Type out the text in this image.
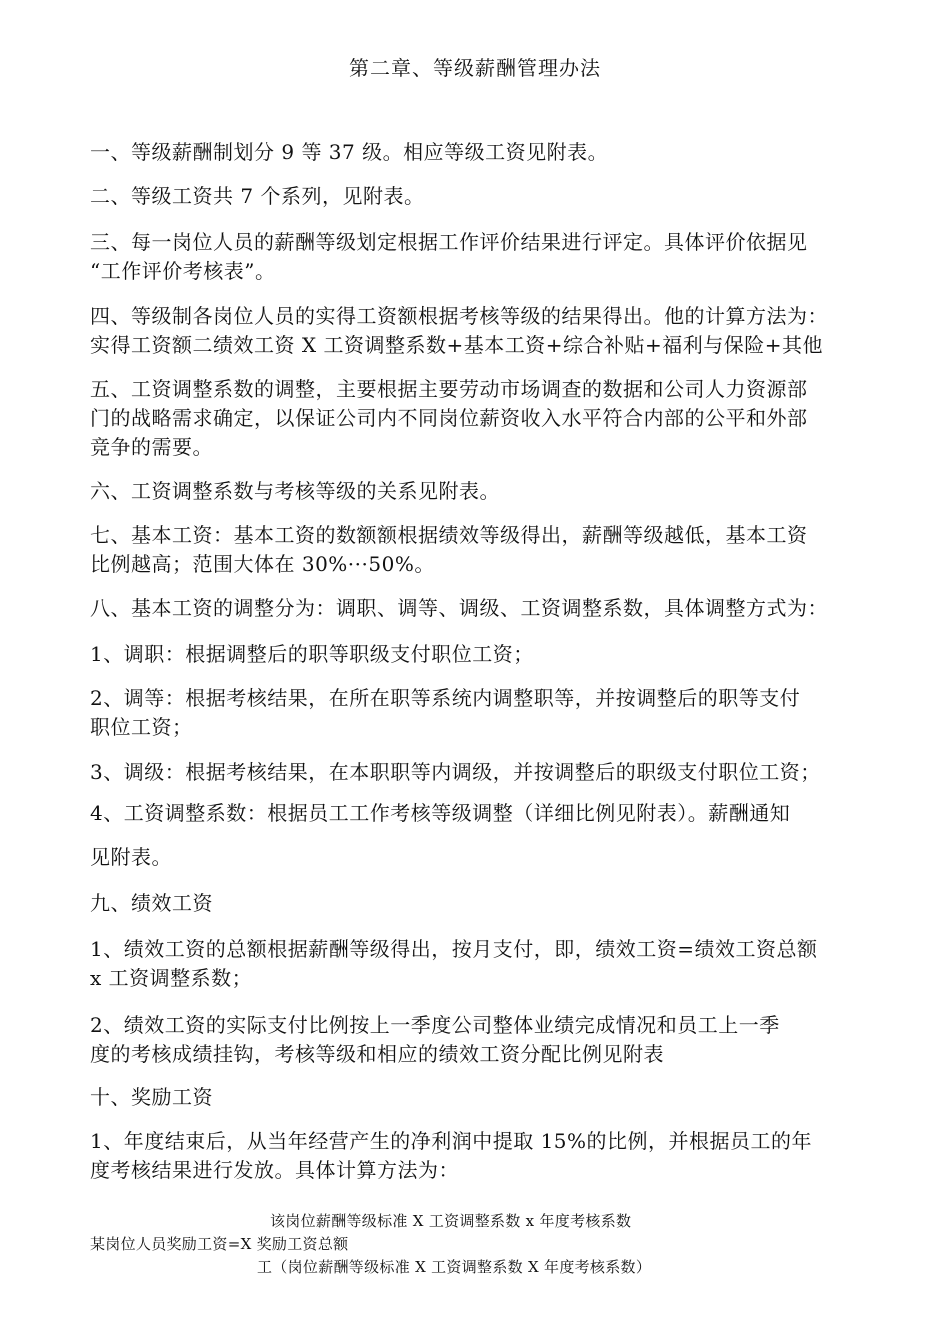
第二章、等级薪酬管理办法
一、等级薪酬制划分 9 等 37 级。相应等级工资见附表。
二、等级工资共 7 个系列，见附表。
三、每一岗位人员的薪酬等级划定根据工作评价结果进行评定。具体评价依据见
“工作评价考核表”。
四、等级制各岗位人员的实得工资额根据考核等级的结果得出。他的计算方法为：
实得工资额二绩效工资 X 工资调整系数+基本工资+综合补贴+福利与保险+其他
五、工资调整系数的调整，主要根据主要劳动市场调查的数据和公司人力资源部
门的战略需求确定，以保证公司内不同岗位薪资收入水平符合内部的公平和外部
竞争的需要。
六、工资调整系数与考核等级的关系见附表。
七、基本工资：基本工资的数额额根据绩效等级得出，薪酬等级越低，基本工资
比例越高；范围大体在 30%···50%。
八、基本工资的调整分为：调职、调等、调级、工资调整系数，具体调整方式为：
1、调职：根据调整后的职等职级支付职位工资；
2、调等：根据考核结果，在所在职等系统内调整职等，并按调整后的职等支付
职位工资；
3、调级：根据考核结果，在本职职等内调级，并按调整后的职级支付职位工资；
4、工资调整系数：根据员工工作考核等级调整（详细比例见附表）。薪酬通知
见附表。
九、绩效工资
1、绩效工资的总额根据薪酬等级得出，按月支付，即，绩效工资=绩效工资总额
x 工资调整系数；
2、绩效工资的实际支付比例按上一季度公司整体业绩完成情况和员工上一季
度的考核成绩挂钩，考核等级和相应的绩效工资分配比例见附表
十、奖励工资
1、年度结束后，从当年经营产生的净利润中提取 15%的比例，并根据员工的年
度考核结果进行发放。具体计算方法为：
该岗位薪酬等级标准 X 工资调整系数 x 年度考核系数
某岗位人员奖励工资=X 奖励工资总额
工（岗位薪酬等级标准 X 工资调整系数 X 年度考核系数）
